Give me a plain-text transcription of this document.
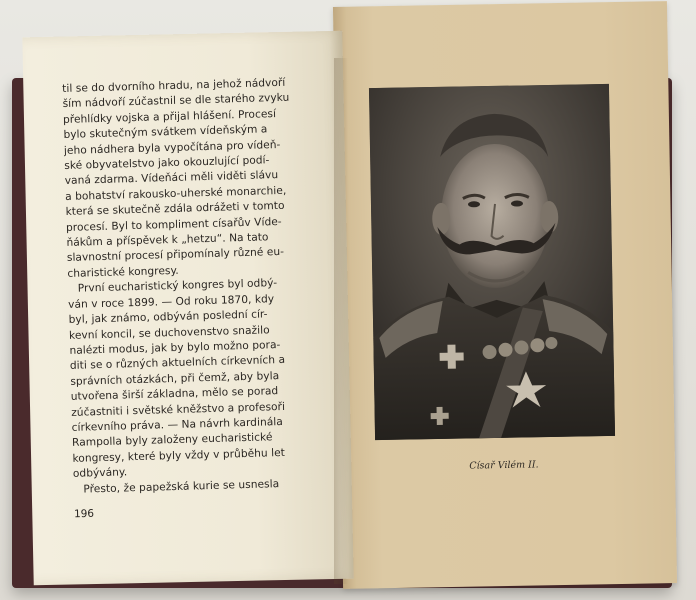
til se do dvorního hradu, na jehož nádvoří
ším nádvoří zúčastnil se dle starého zvyku
přehlídky vojska a přijal hlášení. Procesí
bylo skutečným svátkem vídeňským a
jeho nádhera byla vypočítána pro vídeň-
ské obyvatelstvo jako okouzlující podí-
vaná zdarma. Vídeňáci měli viděti slávu
a bohatství rakousko-uherské monarchie,
která se skutečně zdála odrážeti v tomto
procesí. Byl to kompliment císařův Víde-
ňákům a příspěvek k „hetzu“. Na tato
slavnostní procesí připomínaly různé eu-
charistické kongresy.
První eucharistický kongres byl odbý-
ván v roce 1899. — Od roku 1870, kdy
byl, jak známo, odbýván poslední cír-
kevní koncil, se duchovenstvo snažilo
nalézti modus, jak by bylo možno pora-
diti se o různých aktuelních církevních a
správních otázkách, při čemž, aby byla
utvořena širší základna, mělo se porad
zúčastniti i světské kněžstvo a profesoři
církevního práva. — Na návrh kardinála
Rampolla byly založeny eucharistické
kongresy, které byly vždy v průběhu let
odbývány.
Přesto, že papežská kurie se usnesla
196
Císař Vilém II.
